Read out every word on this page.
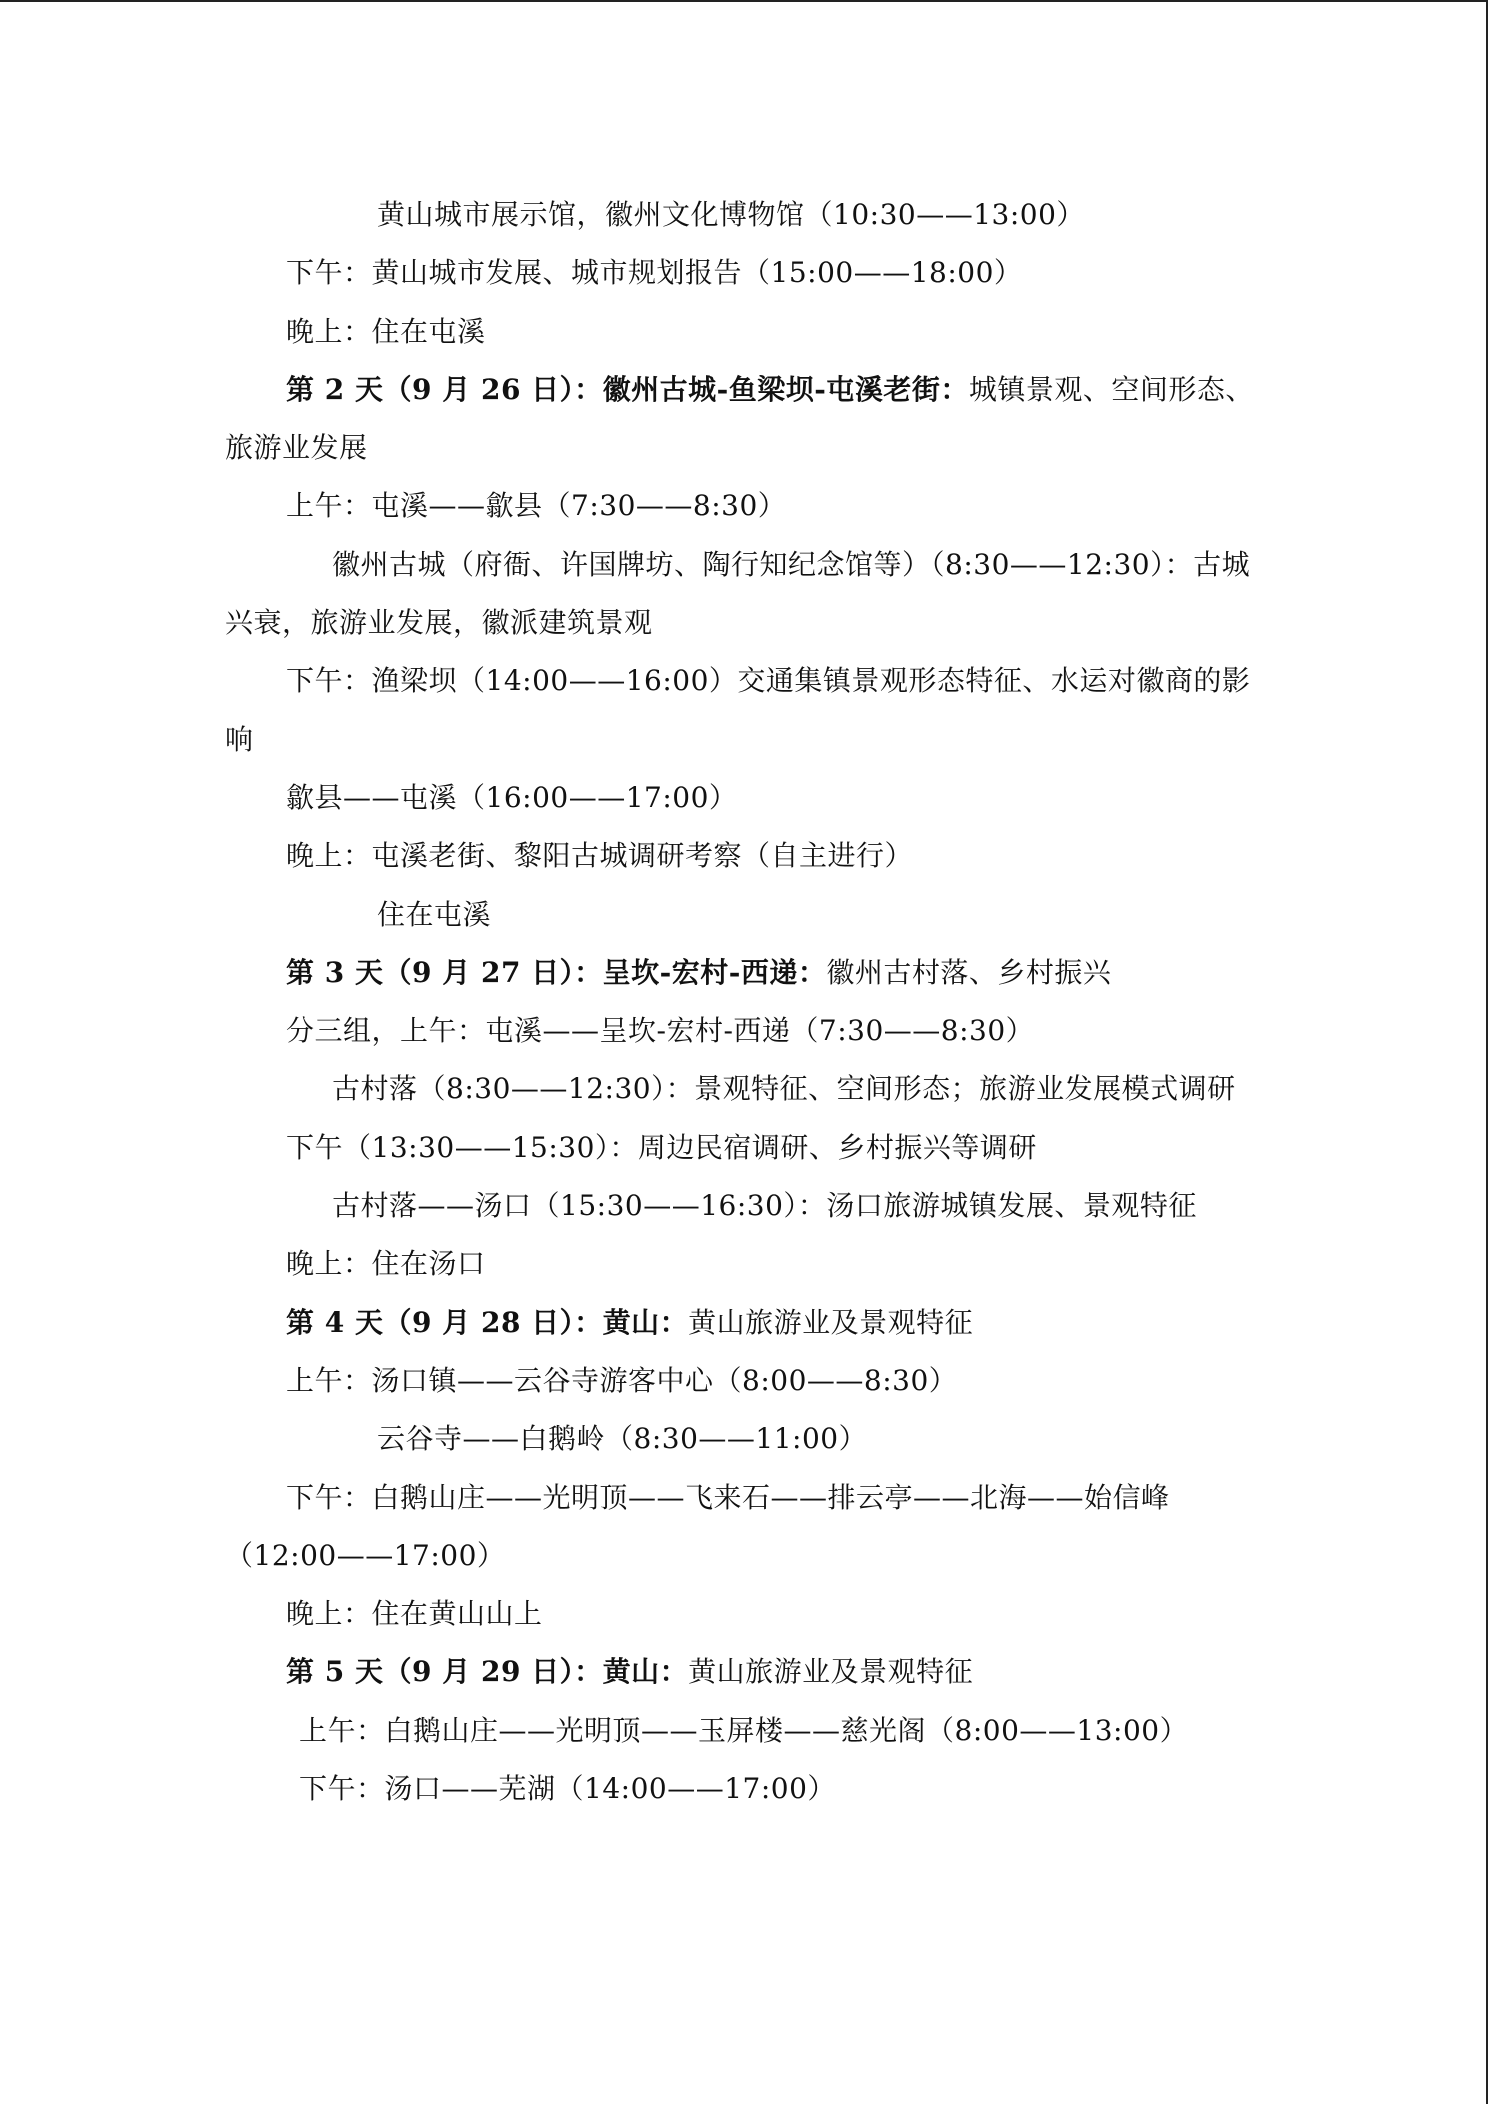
黄山城市展示馆，徽州文化博物馆（10:30——13:00）
下午：黄山城市发展、城市规划报告（15:00——18:00）
晚上：住在屯溪
第 2 天（9 月 26 日）：徽州古城-鱼梁坝-屯溪老街：城镇景观、空间形态、
旅游业发展
上午：屯溪——歙县（7:30——8:30）
徽州古城（府衙、许国牌坊、陶行知纪念馆等）（8:30——12:30）：古城
兴衰，旅游业发展，徽派建筑景观
下午：渔梁坝（14:00——16:00）交通集镇景观形态特征、水运对徽商的影
响
歙县——屯溪（16:00——17:00）
晚上：屯溪老街、黎阳古城调研考察（自主进行）
住在屯溪
第 3 天（9 月 27 日）：呈坎-宏村-西递：徽州古村落、乡村振兴
分三组，上午：屯溪——呈坎-宏村-西递（7:30——8:30）
古村落（8:30——12:30）：景观特征、空间形态；旅游业发展模式调研
下午（13:30——15:30）：周边民宿调研、乡村振兴等调研
古村落——汤口（15:30——16:30）：汤口旅游城镇发展、景观特征
晚上：住在汤口
第 4 天（9 月 28 日）：黄山：黄山旅游业及景观特征
上午：汤口镇——云谷寺游客中心（8:00——8:30）
云谷寺——白鹅岭（8:30——11:00）
下午：白鹅山庄——光明顶——飞来石——排云亭——北海——始信峰
（12:00——17:00）
晚上：住在黄山山上
第 5 天（9 月 29 日）：黄山：黄山旅游业及景观特征
上午：白鹅山庄——光明顶——玉屏楼——慈光阁（8:00——13:00）
下午：汤口——芜湖（14:00——17:00）
